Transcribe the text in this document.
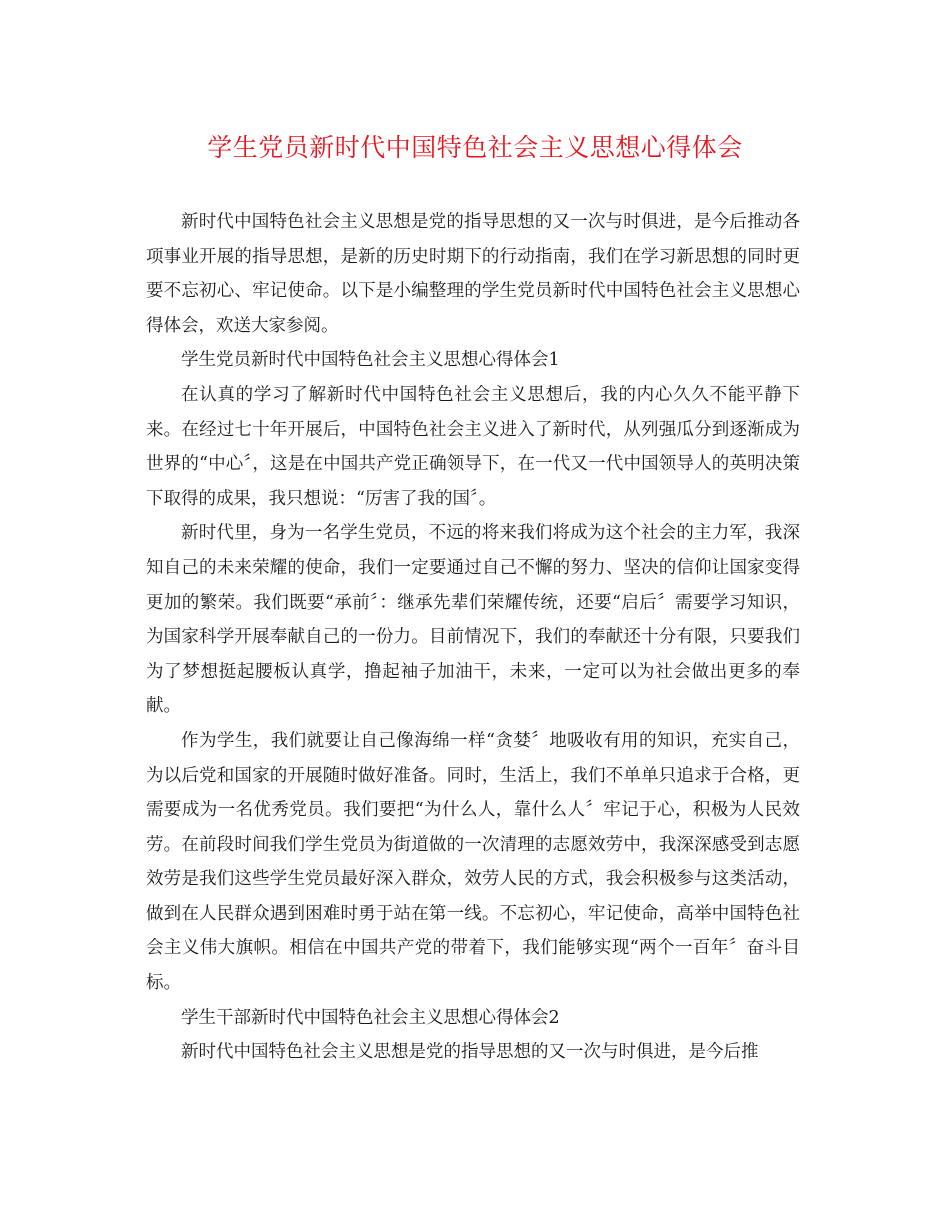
学生党员新时代中国特色社会主义思想心得体会

新时代中国特色社会主义思想是党的指导思想的又一次与时俱进，是今后推动各项事业开展的指导思想，是新的历史时期下的行动指南，我们在学习新思想的同时更要不忘初心、牢记使命。以下是小编整理的学生党员新时代中国特色社会主义思想心得体会，欢送大家参阅。

学生党员新时代中国特色社会主义思想心得体会1

在认真的学习了解新时代中国特色社会主义思想后，我的内心久久不能平静下来。在经过七十年开展后，中国特色社会主义进入了新时代，从列强瓜分到逐渐成为世界的“中心〞，这是在中国共产党正确领导下，在一代又一代中国领导人的英明决策下取得的成果，我只想说：“厉害了我的国〞。

新时代里，身为一名学生党员，不远的将来我们将成为这个社会的主力军，我深知自己的未来荣耀的使命，我们一定要通过自己不懈的努力、坚决的信仰让国家变得更加的繁荣。我们既要“承前〞：继承先辈们荣耀传统，还要“启后〞需要学习知识，为国家科学开展奉献自己的一份力。目前情况下，我们的奉献还十分有限，只要我们为了梦想挺起腰板认真学，撸起袖子加油干，未来，一定可以为社会做出更多的奉献。

作为学生，我们就要让自己像海绵一样“贪婪〞地吸收有用的知识，充实自己，为以后党和国家的开展随时做好准备。同时，生活上，我们不单单只追求于合格，更需要成为一名优秀党员。我们要把“为什么人，靠什么人〞牢记于心，积极为人民效劳。在前段时间我们学生党员为街道做的一次清理的志愿效劳中，我深深感受到志愿效劳是我们这些学生党员最好深入群众，效劳人民的方式，我会积极参与这类活动，做到在人民群众遇到困难时勇于站在第一线。不忘初心，牢记使命，高举中国特色社会主义伟大旗帜。相信在中国共产党的带着下，我们能够实现“两个一百年〞奋斗目标。

学生干部新时代中国特色社会主义思想心得体会2

新时代中国特色社会主义思想是党的指导思想的又一次与时俱进，是今后推
